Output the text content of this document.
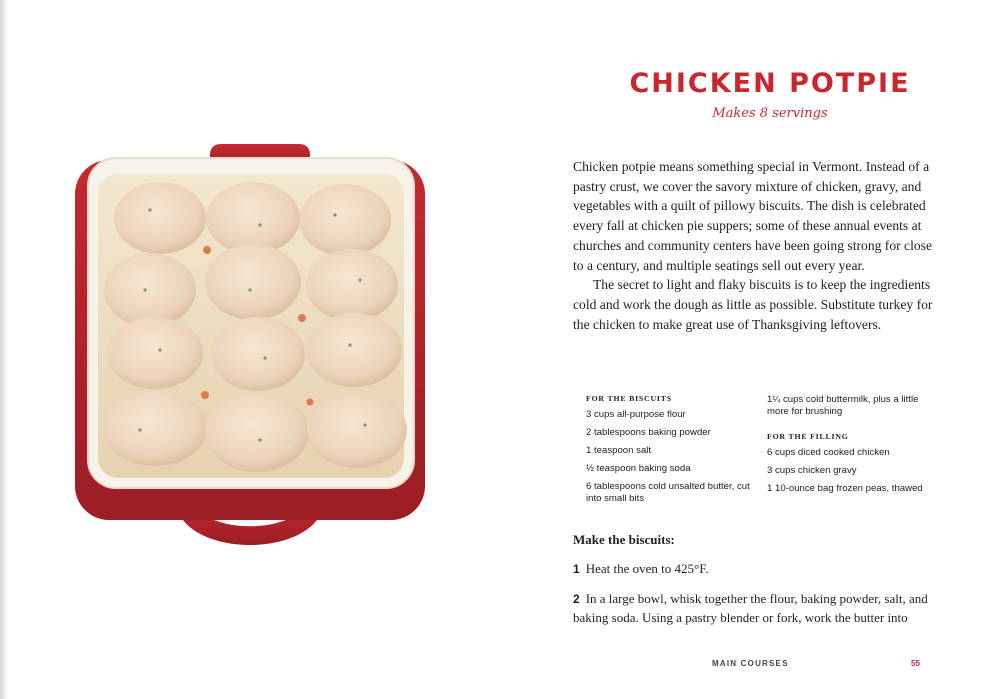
CHICKEN POTPIE

Makes 8 servings

Chicken potpie means something special in Vermont. Instead of a pastry crust, we cover the savory mixture of chicken, gravy, and vegetables with a quilt of pillowy biscuits. The dish is celebrated every fall at chicken pie suppers; some of these annual events at churches and community centers have been going strong for close to a century, and multiple seatings sell out every year.

The secret to light and flaky biscuits is to keep the ingredients cold and work the dough as little as possible. Substitute turkey for the chicken to make great use of Thanksgiving leftovers.

FOR THE BISCUITS

3 cups all-purpose flour

2 tablespoons baking powder

1 teaspoon salt

½ teaspoon baking soda

6 tablespoons cold unsalted butter, cut into small bits

1¼ cups cold buttermilk, plus a little more for brushing

FOR THE FILLING

6 cups diced cooked chicken

3 cups chicken gravy

1 10-ounce bag frozen peas, thawed

Make the biscuits:

1 Heat the oven to 425°F.

2 In a large bowl, whisk together the flour, baking powder, salt, and baking soda. Using a pastry blender or fork, work the butter into

MAIN COURSES	55
